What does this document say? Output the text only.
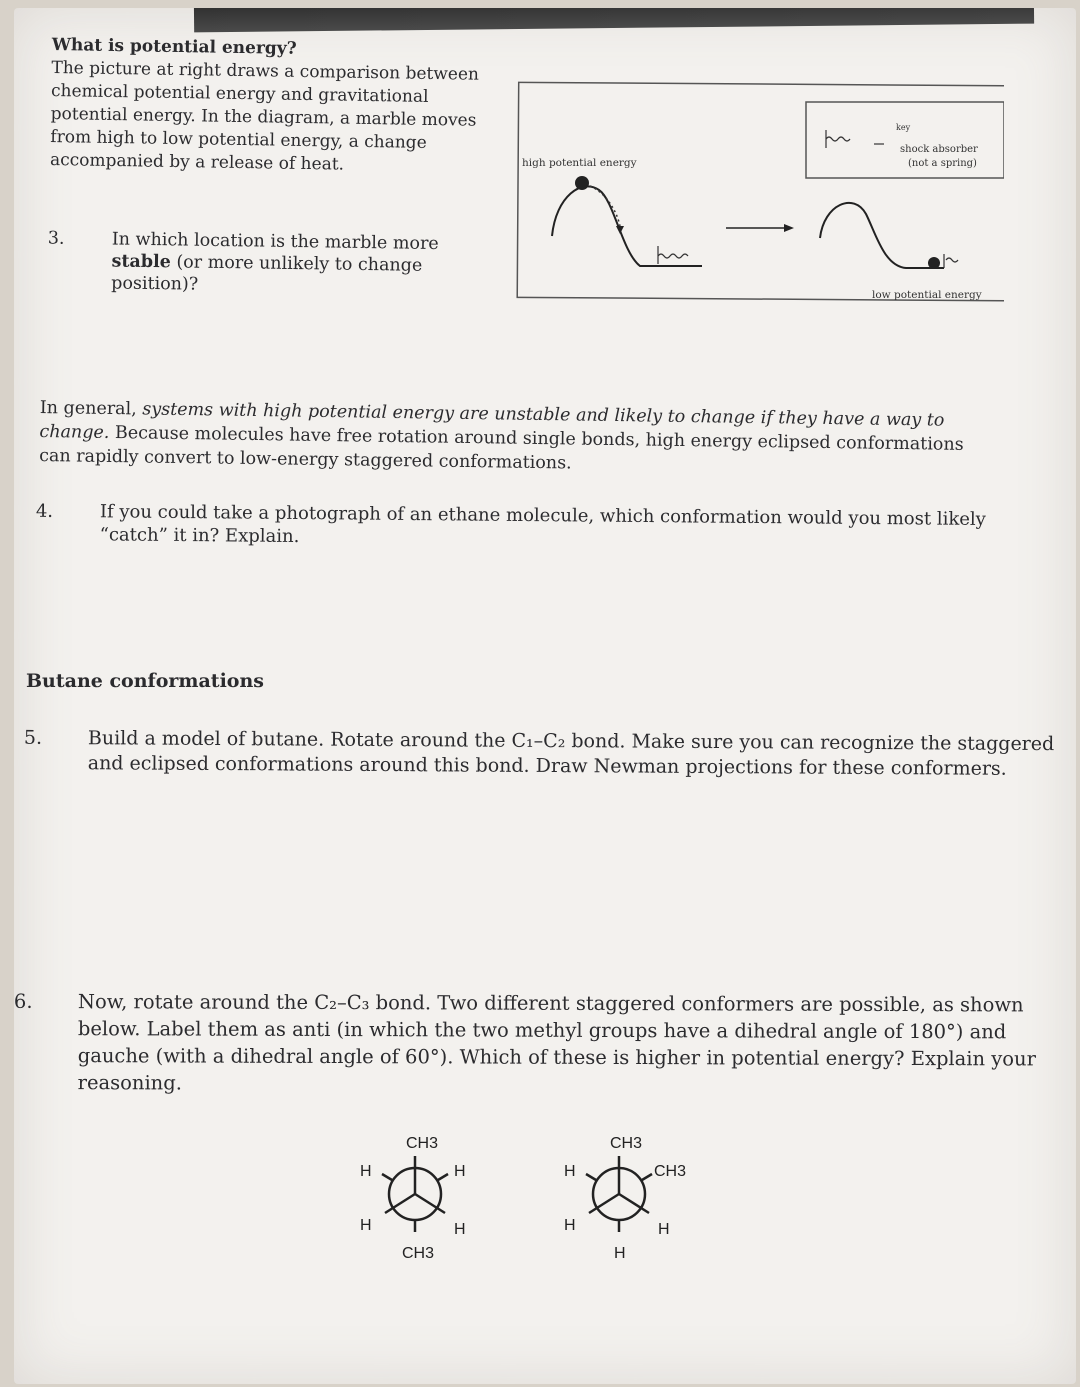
What is potential energy?
The picture at right draws a comparison between chemical potential energy and gravitational potential energy. In the diagram, a marble moves from high to low potential energy, a change accompanied by a release of heat.	high potential energy
low potential energy
key
shock absorber
(not a spring)
3.	In which location is the marble more stable (or more unlikely to change position)?
In general, systems with high potential energy are unstable and likely to change if they have a way to change. Because molecules have free rotation around single bonds, high energy eclipsed conformations can rapidly convert to low-energy staggered conformations.
4.	If you could take a photograph of an ethane molecule, which conformation would you most likely “catch” it in? Explain.
Butane conformations
5. Build a model of butane. Rotate around the C₁–C₂ bond. Make sure you can recognize the staggered and eclipsed conformations around this bond. Draw Newman projections for these conformers.
6. Now, rotate around the C₂–C₃ bond. Two different staggered conformers are possible, as shown below. Label them as anti (in which the two methyl groups have a dihedral angle of 180°) and gauche (with a dihedral angle of 60°). Which of these is higher in potential energy? Explain your reasoning.
CH3
H	H
H	H
CH3
CH3
H	CH3
H	H
H
